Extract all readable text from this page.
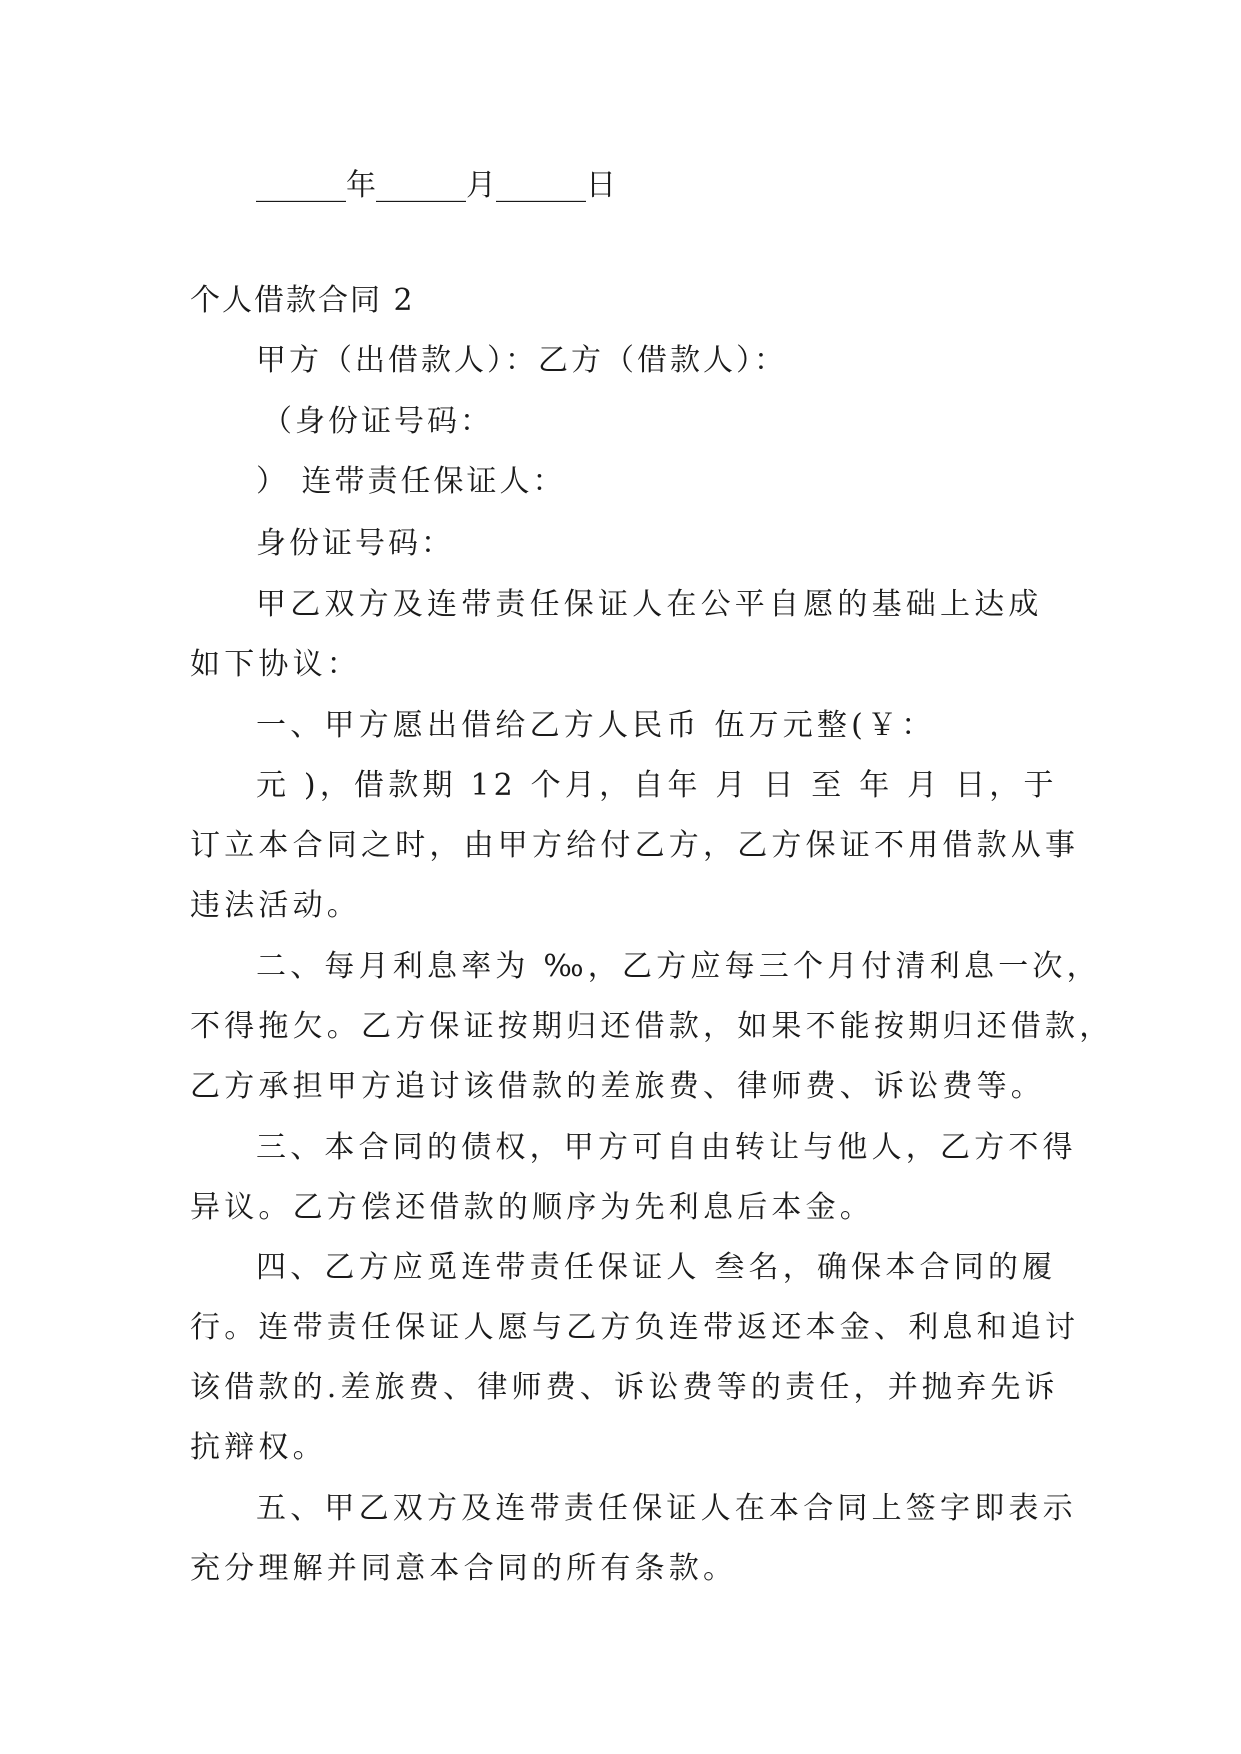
______年______月______日
个人借款合同 2
甲方（出借款人）：乙方（借款人）：
（身份证号码：
） 连带责任保证人：
身份证号码：
甲乙双方及连带责任保证人在公平自愿的基础上达成
如下协议：
一、甲方愿出借给乙方人民币 伍万元整(￥：
元 )，借款期 12 个月，自年 月 日 至 年 月 日，于
订立本合同之时，由甲方给付乙方，乙方保证不用借款从事
违法活动。
二、每月利息率为 ‰，乙方应每三个月付清利息一次，
不得拖欠。乙方保证按期归还借款，如果不能按期归还借款，
乙方承担甲方追讨该借款的差旅费、律师费、诉讼费等。
三、本合同的债权，甲方可自由转让与他人，乙方不得
异议。乙方偿还借款的顺序为先利息后本金。
四、乙方应觅连带责任保证人 叁名，确保本合同的履
行。连带责任保证人愿与乙方负连带返还本金、利息和追讨
该借款的.差旅费、律师费、诉讼费等的责任，并抛弃先诉
抗辩权。
五、甲乙双方及连带责任保证人在本合同上签字即表示
充分理解并同意本合同的所有条款。
